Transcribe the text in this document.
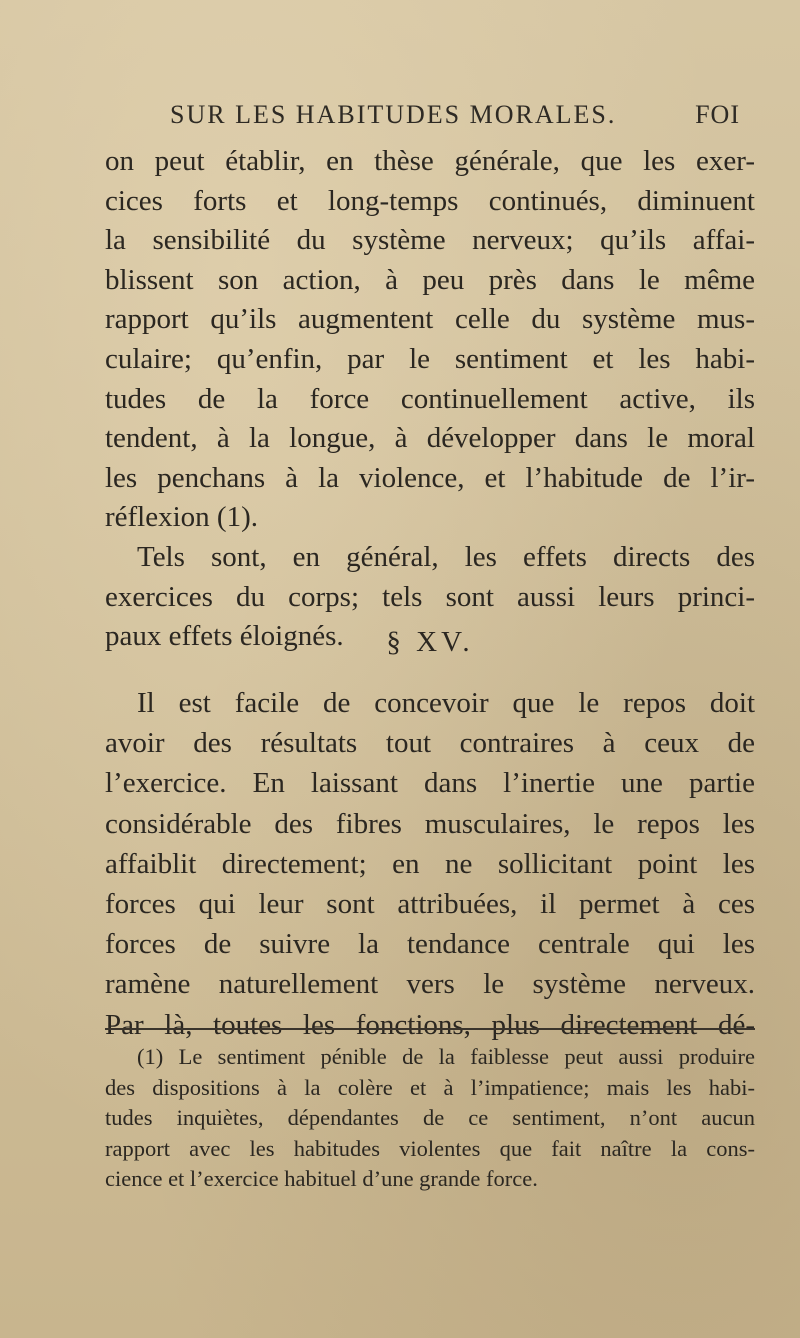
SUR LES HABITUDES MORALES.	FOI
on peut établir, en thèse générale, que les exer-
cices forts et long-temps continués, diminuent
la sensibilité du système nerveux; qu’ils affai-
blissent son action, à peu près dans le même
rapport qu’ils augmentent celle du système mus-
culaire; qu’enfin, par le sentiment et les habi-
tudes de la force continuellement active, ils
tendent, à la longue, à développer dans le moral
les penchans à la violence, et l’habitude de l’ir-
réflexion (1).
Tels sont, en général, les effets directs des
exercices du corps; tels sont aussi leurs princi-
paux effets éloignés.	§ XV.
Il est facile de concevoir que le repos doit
avoir des résultats tout contraires à ceux de
l’exercice. En laissant dans l’inertie une partie
considérable des fibres musculaires, le repos les
affaiblit directement; en ne sollicitant point les
forces qui leur sont attribuées, il permet à ces
forces de suivre la tendance centrale qui les
ramène naturellement vers le système nerveux.
Par là, toutes les fonctions, plus directement dé-
(1) Le sentiment pénible de la faiblesse peut aussi produire
des dispositions à la colère et à l’impatience; mais les habi-
tudes inquiètes, dépendantes de ce sentiment, n’ont aucun
rapport avec les habitudes violentes que fait naître la cons-
cience et l’exercice habituel d’une grande force.
